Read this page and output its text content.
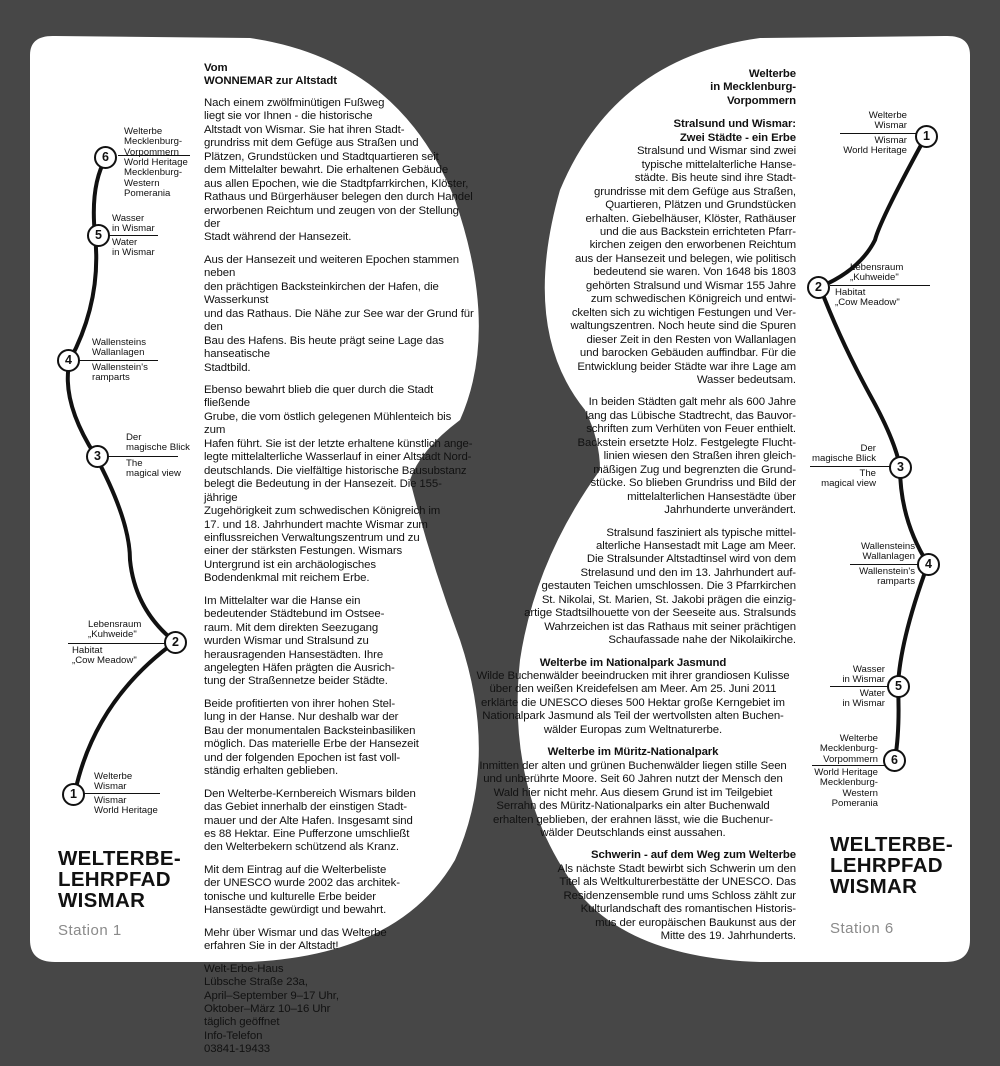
Vom
WONNEMAR zur Altstadt

Nach einem zwölfminütigen Fußweg
liegt sie vor Ihnen - die historische
Altstadt von Wismar. Sie hat ihren Stadt-
grundriss mit dem Gefüge aus Straßen und
Plätzen, Grundstücken und Stadtquartieren seit
dem Mittelalter bewahrt. Die erhaltenen Gebäude
aus allen Epochen, wie die Stadtpfarrkirchen, Klöster,
Rathaus und Bürgerhäuser belegen den durch Handel
erworbenen Reichtum und zeugen von der Stellung der
Stadt während der Hansezeit.

Aus der Hansezeit und weiteren Epochen stammen neben
den prächtigen Backsteinkirchen der Hafen, die Wasserkunst
und das Rathaus. Die Nähe zur See war der Grund für den
Bau des Hafens. Bis heute prägt seine Lage das hanseatische
Stadtbild.

Ebenso bewahrt blieb die quer durch die Stadt fließende
Grube, die vom östlich gelegenen Mühlenteich bis zum
Hafen führt. Sie ist der letzte erhaltene künstlich ange-
legte mittelalterliche Wasserlauf in einer Altstadt Nord-
deutschlands. Die vielfältige historische Bausubstanz
belegt die Bedeutung in der Hansezeit. Die 155-jährige
Zugehörigkeit zum schwedischen Königreich im
17. und 18. Jahrhundert machte Wismar zum
einflussreichen Verwaltungszentrum und zu
einer der stärksten Festungen. Wismars
Untergrund ist ein archäologisches
Bodendenkmal mit reichem Erbe.

Im Mittelalter war die Hanse ein
bedeutender Städtebund im Ostsee-
raum. Mit dem direkten Seezugang
wurden Wismar und Stralsund zu
herausragenden Hansestädten. Ihre
angelegten Häfen prägten die Ausrich-
tung der Straßennetze beider Städte.

Beide profitierten von ihrer hohen Stel-
lung in der Hanse. Nur deshalb war der
Bau der monumentalen Backsteinbasiliken
möglich. Das materielle Erbe der Hansezeit
und der folgenden Epochen ist fast voll-
ständig erhalten geblieben.

Den Welterbe-Kernbereich Wismars bilden
das Gebiet innerhalb der einstigen Stadt-
mauer und der Alte Hafen. Insgesamt sind
es 88 Hektar. Eine Pufferzone umschließt
den Welterbekern schützend als Kranz.

Mit dem Eintrag auf die Welterbeliste
der UNESCO wurde 2002 das architek-
tonische und kulturelle Erbe beider
Hansestädte gewürdigt und bewahrt.

Mehr über Wismar und das Welterbe
erfahren Sie in der Altstadt!

Welt-Erbe-Haus
Lübsche Straße 23a,
April–September 9–17 Uhr,
Oktober–März 10–16 Uhr
täglich geöffnet
Info-Telefon
03841-19433

WELTERBE-
LEHRPFAD
WISMAR
Station 1
Welterbe
Mecklenburg-
Vorpommern
World Heritage
Mecklenburg-
Western
Pomerania
6
Wasser
in Wismar
Water
in Wismar
5
Wallensteins
Wallanlagen
Wallenstein's
ramparts
4
Der
magische Blick
The
magical view
3
Lebensraum
„Kuhweide"
Habitat
„Cow Meadow"
2
Welterbe
Wismar
Wismar
World Heritage
1
Welterbe
in Mecklenburg-
Vorpommern
Stralsund und Wismar:
Zwei Städte - ein Erbe

Stralsund und Wismar sind zwei
typische mittelalterliche Hanse-
städte. Bis heute sind ihre Stadt-
grundrisse mit dem Gefüge aus Straßen,
Quartieren, Plätzen und Grundstücken
erhalten. Giebelhäuser, Klöster, Rathäuser
und die aus Backstein errichteten Pfarr-
kirchen zeigen den erworbenen Reichtum
aus der Hansezeit und belegen, wie politisch
bedeutend sie waren. Von 1648 bis 1803
gehörten Stralsund und Wismar 155 Jahre
zum schwedischen Königreich und entwi-
ckelten sich zu wichtigen Festungen und Ver-
waltungszentren. Noch heute sind die Spuren
dieser Zeit in den Resten von Wallanlagen
und barocken Gebäuden auffindbar. Für die
Entwicklung beider Städte war ihre Lage am
Wasser bedeutsam.

In beiden Städten galt mehr als 600 Jahre
lang das Lübische Stadtrecht, das Bauvor-
schriften zum Verhüten von Feuer enthielt.
Backstein ersetzte Holz. Festgelegte Flucht-
linien wiesen den Straßen ihren gleich-
mäßigen Zug und begrenzten die Grund-
stücke. So blieben Grundriss und Bild der
mittelalterlichen Hansestädte über
Jahrhunderte unverändert.

Stralsund fasziniert als typische mittel-
alterliche Hansestadt mit Lage am Meer.
Die Stralsunder Altstadtinsel wird von dem
Strelasund und den im 13. Jahrhundert auf-
gestauten Teichen umschlossen. Die 3 Pfarrkirchen
St. Nikolai, St. Marien, St. Jakobi prägen die einzig-
artige Stadtsilhouette von der Seeseite aus. Stralsunds
Wahrzeichen ist das Rathaus mit seiner prächtigen
Schaufassade nahe der Nikolaikirche.

Welterbe im Nationalpark Jasmund

Wilde Buchenwälder beeindrucken mit ihrer grandiosen Kulisse
über den weißen Kreidefelsen am Meer. Am 25. Juni 2011
erklärte die UNESCO dieses 500 Hektar große Kerngebiet im
Nationalpark Jasmund als Teil der wertvollsten alten Buchen-
wälder Europas zum Weltnaturerbe.

Welterbe im Müritz-Nationalpark

Inmitten der alten und grünen Buchenwälder liegen stille Seen
und unberührte Moore. Seit 60 Jahren nutzt der Mensch den
Wald hier nicht mehr. Aus diesem Grund ist im Teilgebiet
Serrahn des Müritz-Nationalparks ein alter Buchenwald
erhalten geblieben, der erahnen lässt, wie die Buchenur-
wälder Deutschlands einst aussahen.

Schwerin - auf dem Weg zum Welterbe

Als nächste Stadt bewirbt sich Schwerin um den
Titel als Weltkulturerbestätte der UNESCO. Das
Residenzensemble rund ums Schloss zählt zur
Kulturlandschaft des romantischen Historis-
mus der europäischen Baukunst aus der
Mitte des 19. Jahrhunderts.

WELTERBE-
LEHRPFAD
WISMAR
Station 6
Welterbe
Wismar
Wismar
World Heritage
1
Lebensraum
„Kuhweide"
Habitat
„Cow Meadow"
2
Der
magische Blick
The
magical view
3
Wallensteins
Wallanlagen
Wallenstein's
ramparts
4
Wasser
in Wismar
Water
in Wismar
5
Welterbe
Mecklenburg-
Vorpommern
World Heritage
Mecklenburg-
Western
Pomerania
6
